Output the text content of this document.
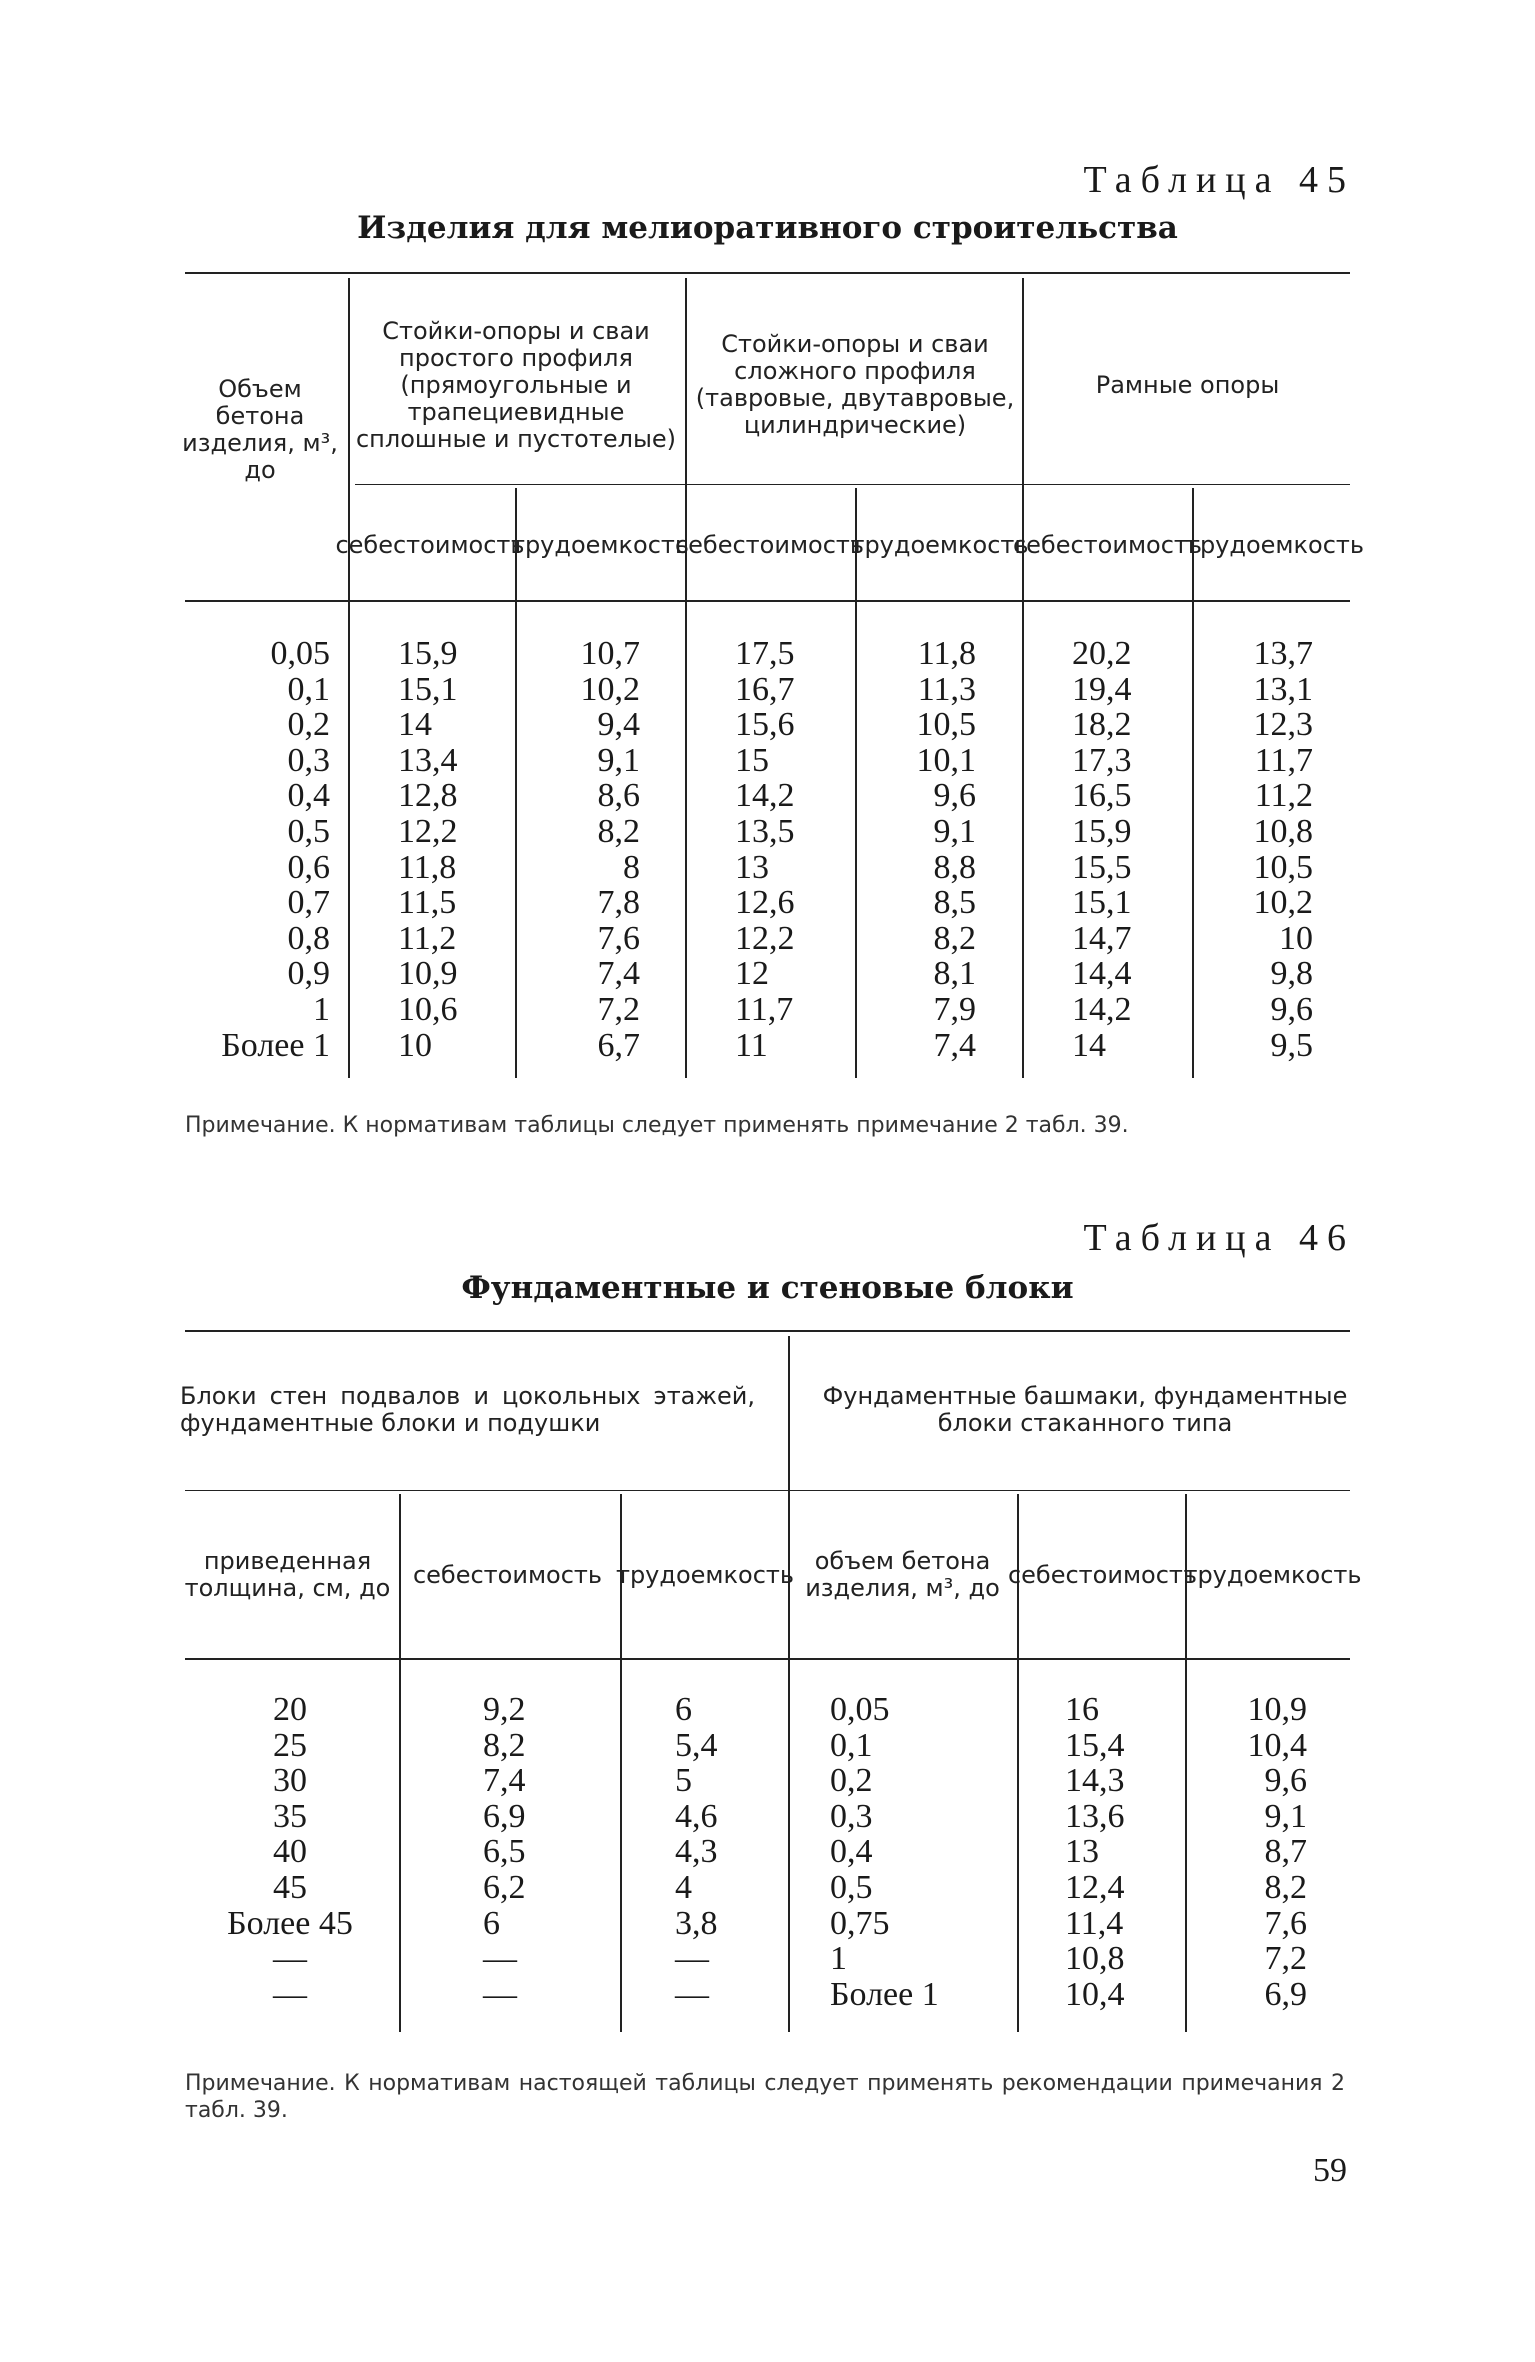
Таблица 45
Изделия для мелиоративного строительства
Объем бетона изделия, м³, до
Стойки-опоры и сваи простого профиля (прямоугольные и трапециевидные сплошные и пустотелые)
Стойки-опоры и сваи сложного профиля (тавровые, двутавровые, цилиндрические)
Рамные опоры
себестоимость
трудоемкость
себестоимость
трудоемкость
себестоимость
трудоемкость
0,05
0,1
0,2
0,3
0,4
0,5
0,6
0,7
0,8
0,9
1
Более 1
15,9
15,1
14
13,4
12,8
12,2
11,8
11,5
11,2
10,9
10,6
10
10,7
10,2
9,4
9,1
8,6
8,2
8
7,8
7,6
7,4
7,2
6,7
17,5
16,7
15,6
15
14,2
13,5
13
12,6
12,2
12
11,7
11
11,8
11,3
10,5
10,1
9,6
9,1
8,8
8,5
8,2
8,1
7,9
7,4
20,2
19,4
18,2
17,3
16,5
15,9
15,5
15,1
14,7
14,4
14,2
14
13,7
13,1
12,3
11,7
11,2
10,8
10,5
10,2
10
9,8
9,6
9,5
Примечание. К нормативам таблицы следует применять примечание 2 табл. 39.
Таблица 46
Фундаментные и стеновые блоки
Блоки стен подвалов и цокольных этажей, фундаментные блоки и подушки
Фундаментные башмаки, фундаментные блоки стаканного типа
приведенная толщина, см, до себестоимость трудоемкость объем бетона изделия, м³, до себестоимость
трудоемкость
20
25
30
35
40
45
Более 45
—
—
9,2
8,2
7,4
6,9
6,5
6,2
6
—
—
6
5,4
5
4,6
4,3
4
3,8
—
—
0,05
0,1
0,2
0,3
0,4
0,5
0,75
1
Более 1
16
15,4
14,3
13,6
13
12,4
11,4
10,8
10,4
10,9
10,4
9,6
9,1
8,7
8,2
7,6
7,2
6,9
Примечание. К нормативам настоящей таблицы следует применять рекомендации примечания 2 табл. 39.
59
